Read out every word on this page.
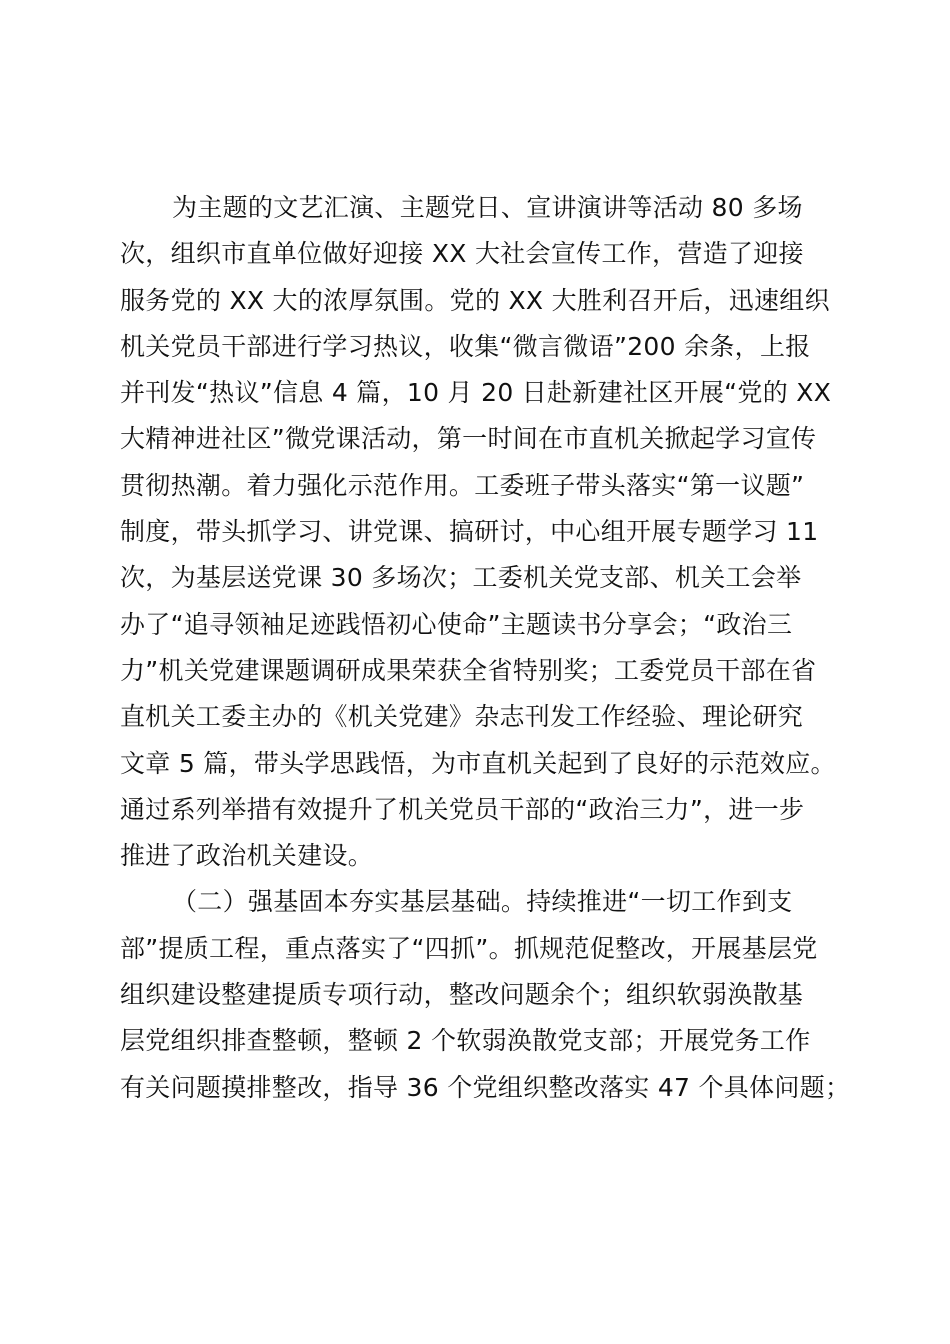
为主题的文艺汇演、主题党日、宣讲演讲等活动 80 多场
次，组织市直单位做好迎接 XX 大社会宣传工作，营造了迎接
服务党的 XX 大的浓厚氛围。党的 XX 大胜利召开后，迅速组织
机关党员干部进行学习热议，收集“微言微语”200 余条，上报
并刊发“热议”信息 4 篇，10 月 20 日赴新建社区开展“党的 XX
大精神进社区”微党课活动，第一时间在市直机关掀起学习宣传
贯彻热潮。着力强化示范作用。工委班子带头落实“第一议题”
制度，带头抓学习、讲党课、搞研讨，中心组开展专题学习 11
次，为基层送党课 30 多场次；工委机关党支部、机关工会举
办了“追寻领袖足迹践悟初心使命”主题读书分享会；“政治三
力”机关党建课题调研成果荣获全省特别奖；工委党员干部在省
直机关工委主办的《机关党建》杂志刊发工作经验、理论研究
文章 5 篇，带头学思践悟，为市直机关起到了良好的示范效应。
通过系列举措有效提升了机关党员干部的“政治三力”，进一步
推进了政治机关建设。
（二）强基固本夯实基层基础。持续推进“一切工作到支
部”提质工程，重点落实了“四抓”。抓规范促整改，开展基层党
组织建设整建提质专项行动，整改问题余个；组织软弱涣散基
层党组织排查整顿，整顿 2 个软弱涣散党支部；开展党务工作
有关问题摸排整改，指导 36 个党组织整改落实 47 个具体问题；
